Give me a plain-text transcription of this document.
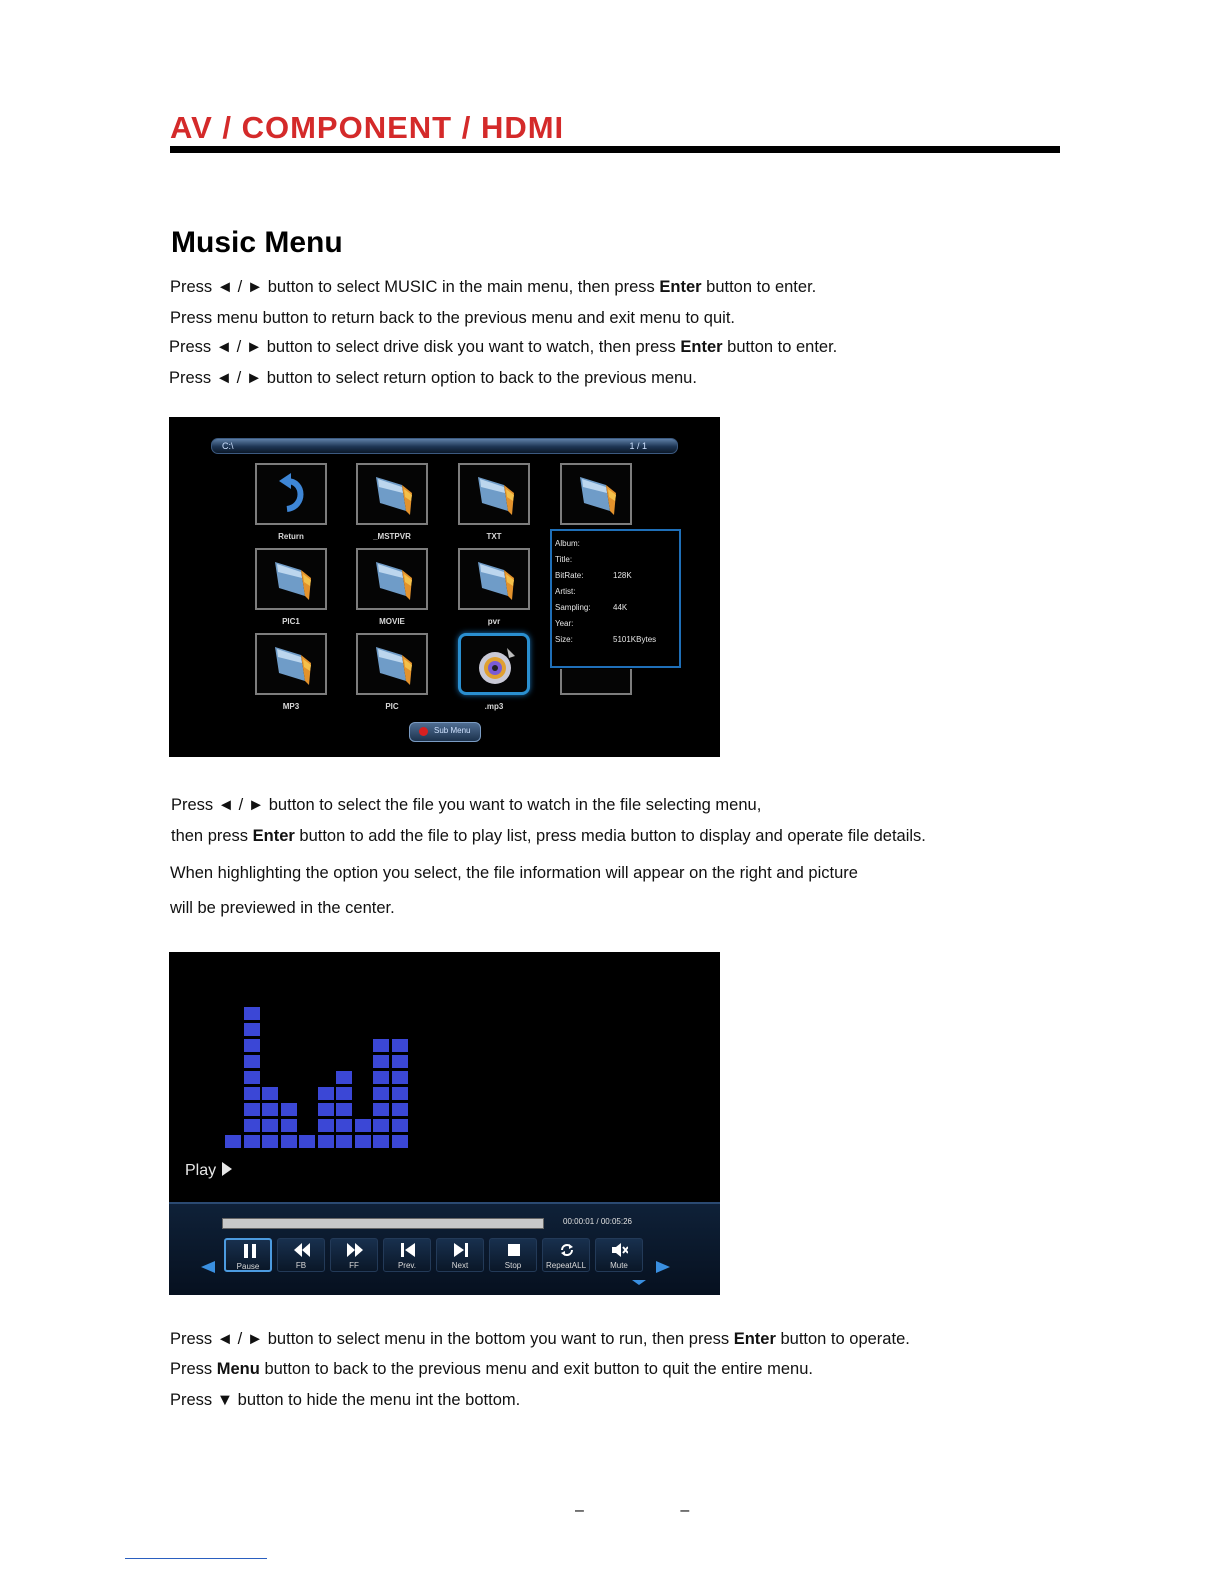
AV / COMPONENT / HDMI
Music Menu
Press ◄ / ► button to select MUSIC in the main menu, then press Enter button to enter.
Press menu button to return back to the previous menu and exit menu to quit.
Press ◄ / ► button to select drive disk you want to watch, then press Enter button to enter.
Press ◄ / ► button to select return option to back to the previous menu.
C:\	1 / 1
Return	_MSTPVR	TXT
PIC1	MOVIE	pvr
MP3	PIC	.mp3
Album:
Title:
BitRate:	128K
Artist:
Sampling:	44K
Year:
Size:	5101KBytes
Sub Menu
Press ◄ / ► button to select the file you want to watch in the file selecting menu,
then press Enter button to add the file to play list, press media button to display and operate file details.
When highlighting the option you select, the file information will appear on the right and picture
will be previewed in the center.
Play
00:00:01 / 00:05:26
Pause	FB	FF	Prev.	Next	Stop	RepeatALL	Mute
Press ◄ / ► button to select menu in the bottom you want to run, then press Enter button to operate.
Press Menu button to back to the previous menu and exit button to quit the entire menu.
Press ▼ button to hide the menu int the bottom.
– –
